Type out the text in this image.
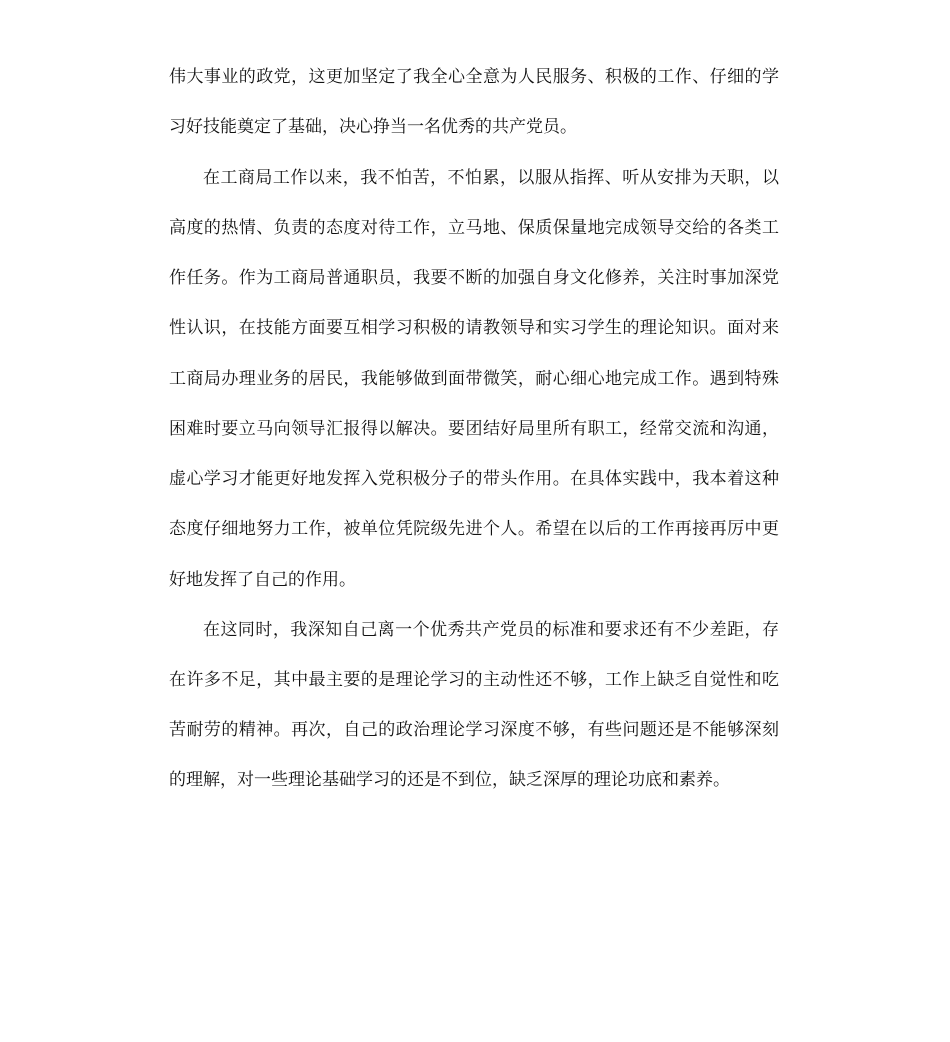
伟大事业的政党，这更加坚定了我全心全意为人民服务、积极的工作、仔细的学
习好技能奠定了基础，决心挣当一名优秀的共产党员。
在工商局工作以来，我不怕苦，不怕累，以服从指挥、听从安排为天职，以
高度的热情、负责的态度对待工作，立马地、保质保量地完成领导交给的各类工
作任务。作为工商局普通职员，我要不断的加强自身文化修养，关注时事加深党
性认识，在技能方面要互相学习积极的请教领导和实习学生的理论知识。面对来
工商局办理业务的居民，我能够做到面带微笑，耐心细心地完成工作。遇到特殊
困难时要立马向领导汇报得以解决。要团结好局里所有职工，经常交流和沟通，
虚心学习才能更好地发挥入党积极分子的带头作用。在具体实践中，我本着这种
态度仔细地努力工作，被单位凭院级先进个人。希望在以后的工作再接再厉中更
好地发挥了自己的作用。
在这同时，我深知自己离一个优秀共产党员的标准和要求还有不少差距，存
在许多不足，其中最主要的是理论学习的主动性还不够，工作上缺乏自觉性和吃
苦耐劳的精神。再次，自己的政治理论学习深度不够，有些问题还是不能够深刻
的理解，对一些理论基础学习的还是不到位，缺乏深厚的理论功底和素养。
